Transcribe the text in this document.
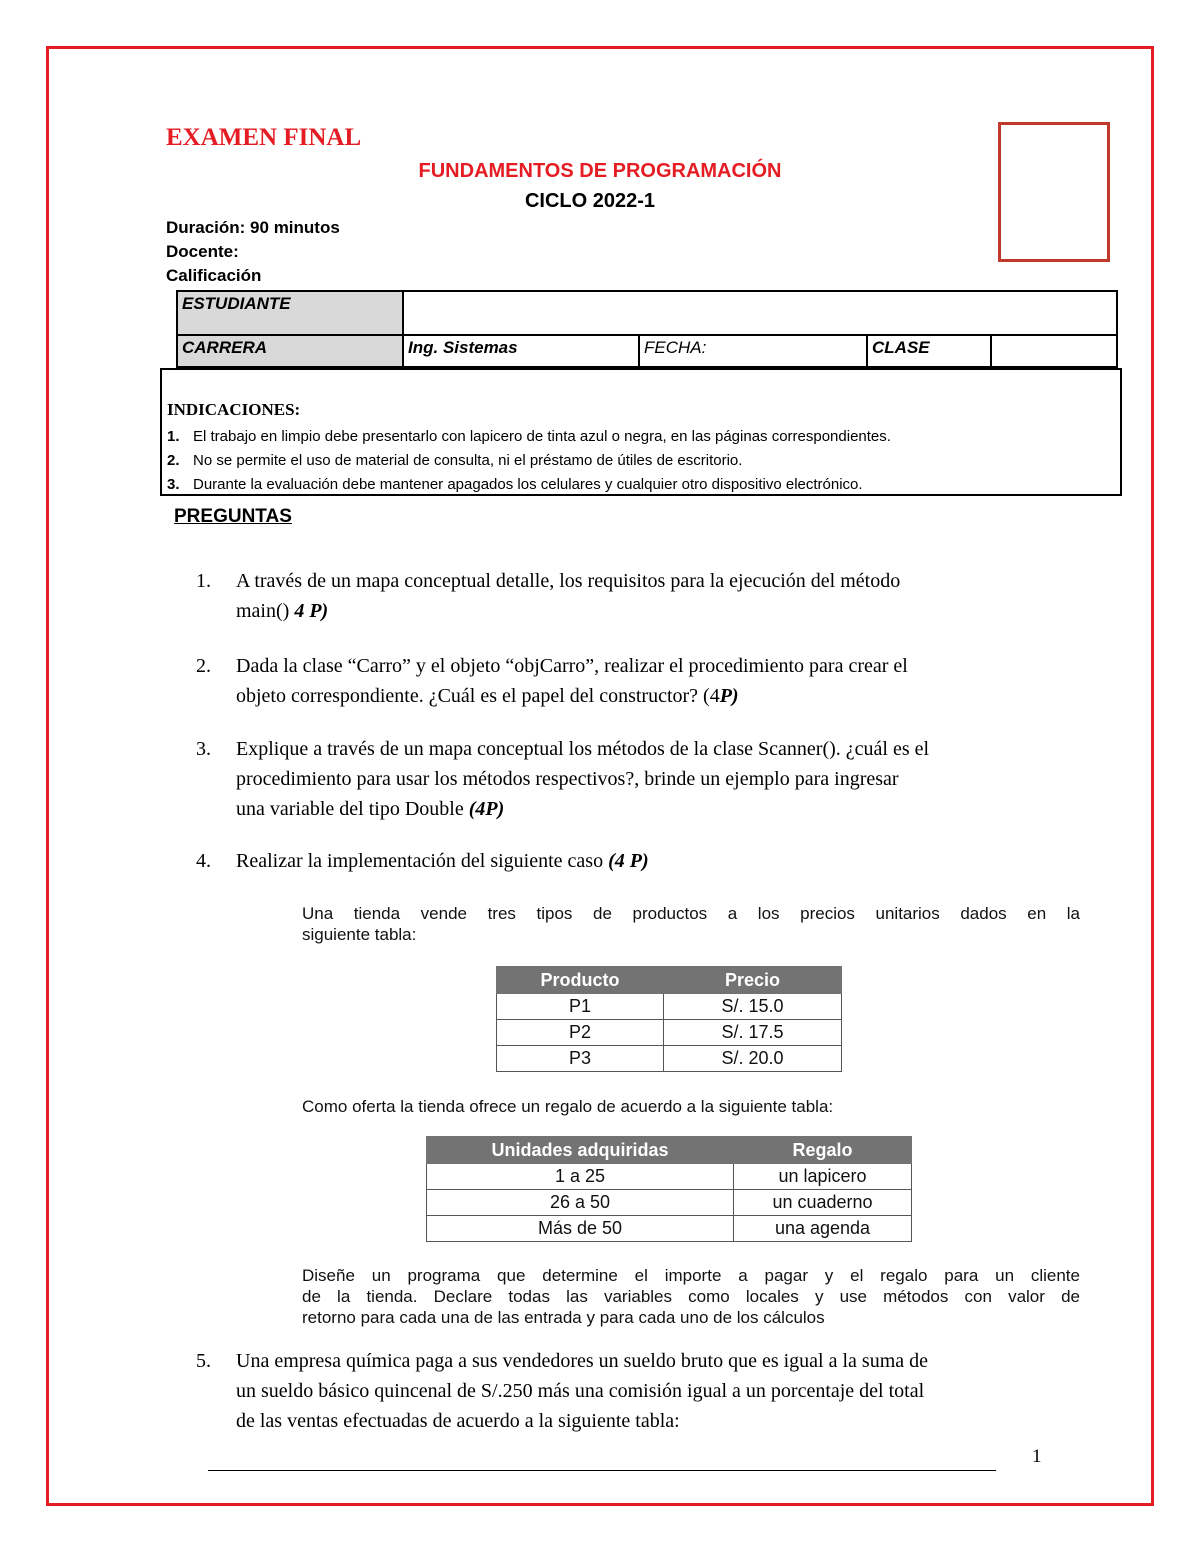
EXAMEN FINAL
FUNDAMENTOS DE PROGRAMACIÓN
CICLO 2022-1
Duración: 90 minutos
Docente:
Calificación
ESTUDIANTE				
CARRERA	Ing. Sistemas	FECHA:	CLASE	
INDICACIONES:
1. El trabajo en limpio debe presentarlo con lapicero de tinta azul o negra, en las páginas correspondientes.
2. No se permite el uso de material de consulta, ni el préstamo de útiles de escritorio.
3. Durante la evaluación debe mantener apagados los celulares y cualquier otro dispositivo electrónico.
PREGUNTAS
1.	A través de un mapa conceptual detalle, los requisitos para la ejecución del método
main() 4 P)
2.	Dada la clase “Carro” y el objeto “objCarro”, realizar el procedimiento para crear el
objeto correspondiente. ¿Cuál es el papel del constructor? (4P)
3.	Explique a través de un mapa conceptual los métodos de la clase Scanner(). ¿cuál es el
procedimiento para usar los métodos respectivos?, brinde un ejemplo para ingresar
una variable del tipo Double (4P)
4.	Realizar la implementación del siguiente caso (4 P)
Una tienda vende tres tipos de productos a los precios unitarios dados en la
siguiente tabla:
Producto	Precio
P1	S/. 15.0
P2	S/. 17.5
P3	S/. 20.0
Como oferta la tienda ofrece un regalo de acuerdo a la siguiente tabla:
Unidades adquiridas	Regalo
1 a 25	un lapicero
26 a 50	un cuaderno
Más de 50	una agenda
Diseñe un programa que determine el importe a pagar y el regalo para un cliente
de la tienda. Declare todas las variables como locales y use métodos con valor de
retorno para cada una de las entrada y para cada uno de los cálculos
5.	Una empresa química paga a sus vendedores un sueldo bruto que es igual a la suma de
un sueldo básico quincenal de S/.250 más una comisión igual a un porcentaje del total
de las ventas efectuadas de acuerdo a la siguiente tabla:
1
